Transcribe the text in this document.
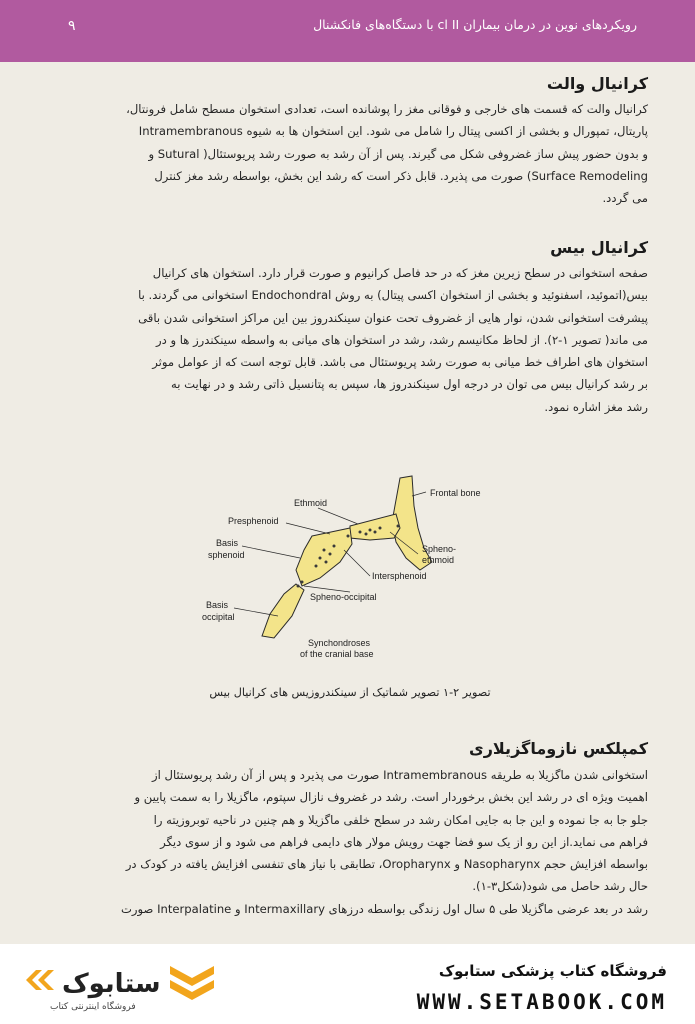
۹	رویکردهای نوین در درمان بیماران cl II با دستگاه‌های فانکشنال
کرانیال والت

کرانیال والت که قسمت های خارجی و فوقانی مغز را پوشانده است، تعدادی استخوان مسطح شامل فرونتال،

پاریتال، تمپورال و بخشی از اکسی پیتال را شامل می شود. این استخوان ها به شیوه Intramembranous

و بدون حضور پیش ساز غضروفی شکل می گیرند. پس از آن رشد به صورت رشد پریوستئال( Sutural و

Surface Remodeling) صورت می پذیرد. قابل ذکر است که رشد این بخش، بواسطه رشد مغز کنترل

می گردد.

کرانیال بیس

صفحه استخوانی در سطح زیرین مغز که در حد فاصل کرانیوم و صورت قرار دارد. استخوان های کرانیال

بیس(اتموئید، اسفنوئید و بخشی از استخوان اکسی پیتال) به روش Endochondral استخوانی می گردند. با

پیشرفت استخوانی شدن، نوار هایی از غضروف تحت عنوان سینکندروز بین این مراکز استخوانی شدن باقی

می ماند( تصویر ۱-۲). از لحاظ مکانیسم رشد، رشد در استخوان های میانی به واسطه سینکندرز ها و در

استخوان های اطراف خط میانی به صورت رشد پریوستئال می باشد. قابل توجه است که از عوامل موثر

بر رشد کرانیال بیس می توان در درجه اول سینکندروز ها، سپس به پتانسیل ذاتی رشد و در نهایت به

رشد مغز اشاره نمود.

کمپلکس نازوماگزیلاری

استخوانی شدن ماگزیلا به طریقه Intramembranous صورت می پذیرد و پس از آن رشد پریوستئال از

اهمیت ویژه ای در رشد این بخش برخوردار است. رشد در غضروف نازال سپتوم، ماگزیلا را به سمت پایین و

جلو جا به جا نموده و این جا به جایی امکان رشد در سطح خلفی ماگزیلا و هم چنین در ناحیه توبروزیته را

فراهم می نماید.از این رو از یک سو فضا جهت رویش مولار های دایمی فراهم می شود و از سوی دیگر

بواسطه افزایش حجم Nasopharynx و Oropharynx، تطابقی با نیاز های تنفسی افزایش یافته در کودک در

حال رشد حاصل می شود(شکل۳-۱).

رشد در بعد عرضی ماگزیلا طی ۵ سال اول زندگی بواسطه درزهای Intermaxillary و Interpalatine صورت

Ethmoid
Frontal bone
Presphenoid
Basis
sphenoid
Spheno-
ethmoid
Intersphenoid
Spheno-occipital
Basis
occipital
Synchondroses
of the cranial base
تصویر ۲-۱ تصویر شماتیک از سینکندروزیس های کرانیال بیس
ستابوک
فروشگاه اینترنتی کتاب
فروشگاه کتاب پزشکی ستابوک
WWW.SETABOOK.COM
